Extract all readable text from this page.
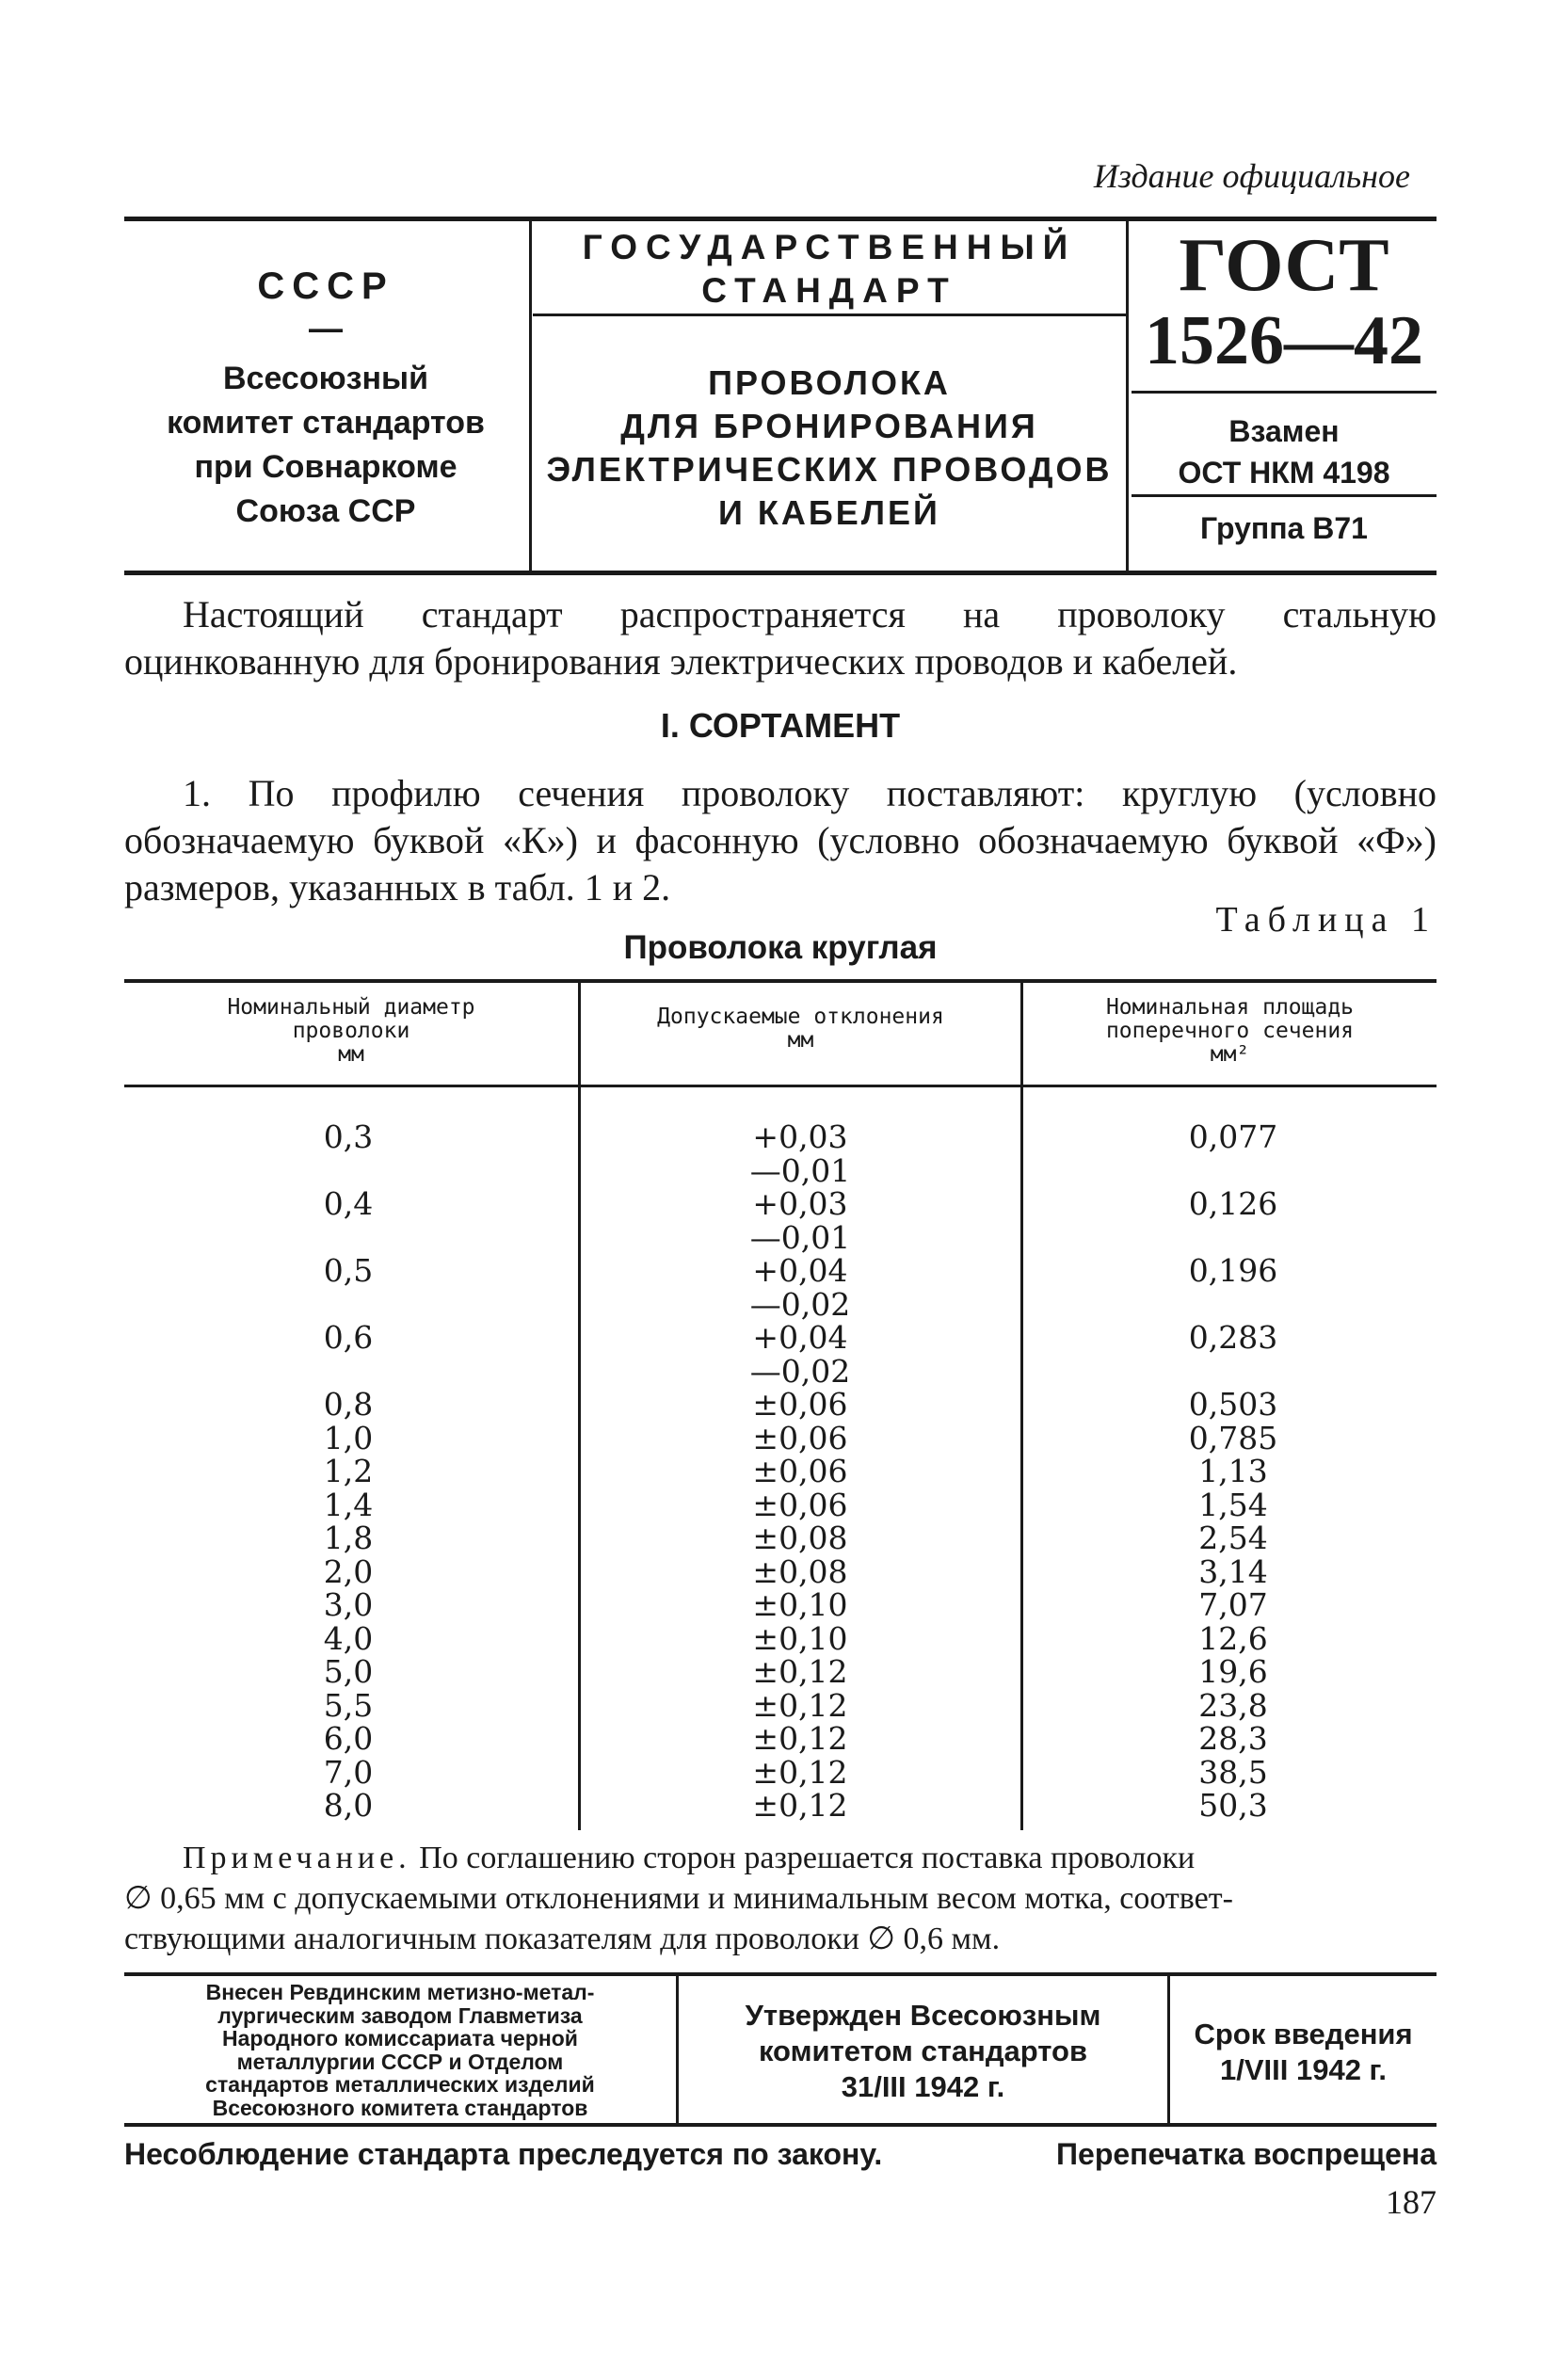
Издание официальное
СССР
—
Всесоюзный
комитет стандартов
при Совнаркоме
Союза ССР
ГОСУДАРСТВЕННЫЙ
СТАНДАРТ
ПРОВОЛОКА
ДЛЯ БРОНИРОВАНИЯ
ЭЛЕКТРИЧЕСКИХ ПРОВОДОВ
И КАБЕЛЕЙ
ГОСТ
1526—42
Взамен
ОСТ НКМ 4198
Группа В71
Настоящий стандарт распространяется на проволоку стальную оцинкованную для бронирования электрических проводов и кабелей.
I. СОРТАМЕНТ
1. По профилю сечения проволоку поставляют: круглую (условно обозначаемую буквой «К») и фасонную (условно обозначаемую буквой «Ф») размеров, указанных в табл. 1 и 2.
Таблица 1
Проволока круглая
Номинальный диаметр
проволоки
мм
Допускаемые отклонения
мм
Номинальная площадь
поперечного сечения
мм²
0,3

0,4

0,5

0,6

0,8
1,0
1,2
1,4
1,8
2,0
3,0
4,0
5,0
5,5
6,0
7,0
8,0
+0,03
—0,01
+0,03
—0,01
+0,04
—0,02
+0,04
—0,02
±0,06
±0,06
±0,06
±0,06
±0,08
±0,08
±0,10
±0,10
±0,12
±0,12
±0,12
±0,12
±0,12
0,077

0,126

0,196

0,283

0,503
0,785
1,13
1,54
2,54
3,14
7,07
12,6
19,6
23,8
28,3
38,5
50,3
Примечание. По соглашению сторон разрешается поставка проволоки
∅ 0,65 мм с допускаемыми отклонениями и минимальным весом мотка, соответ-
ствующими аналогичным показателям для проволоки ∅ 0,6 мм.
Внесен Ревдинским метизно-метал-
лургическим заводом Главметиза
Народного комиссариата черной
металлургии СССР и Отделом
стандартов металлических изделий
Всесоюзного комитета стандартов
Утвержден Всесоюзным
комитетом стандартов
31/III 1942 г.
Срок введения
1/VIII 1942 г.
Несоблюдение стандарта преследуется по закону.	Перепечатка воспрещена
187
